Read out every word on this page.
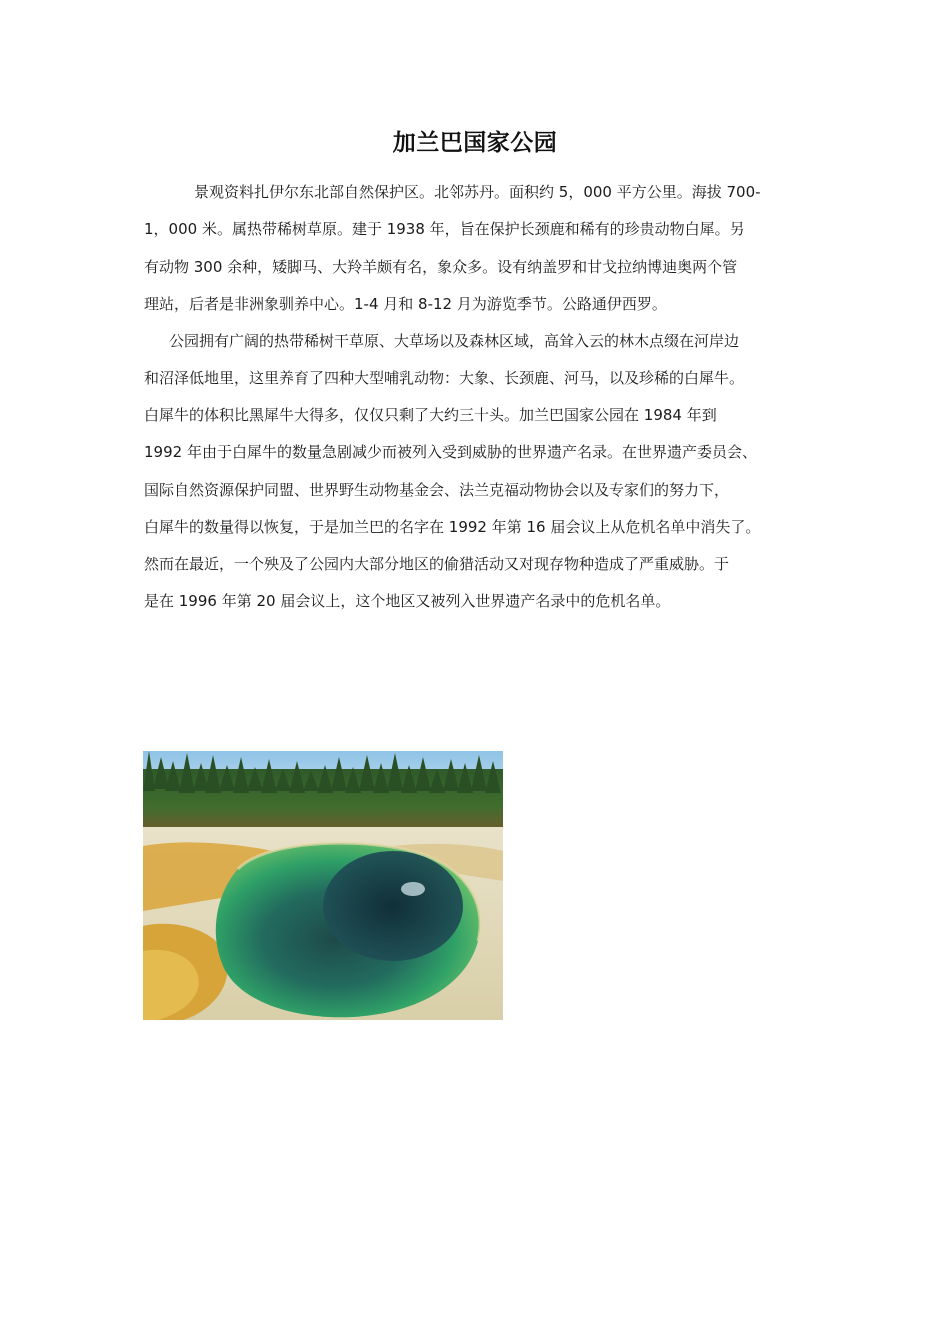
加兰巴国家公园
景观资料扎伊尔东北部自然保护区。北邻苏丹。面积约 5，000 平方公里。海拔 700-
1，000 米。属热带稀树草原。建于 1938 年，旨在保护长颈鹿和稀有的珍贵动物白犀。另
有动物 300 余种，矮脚马、大羚羊颇有名，象众多。设有纳盖罗和甘戈拉纳博迪奥两个管
理站，后者是非洲象驯养中心。1-4 月和 8-12 月为游览季节。公路通伊西罗。
公园拥有广阔的热带稀树干草原、大草场以及森林区域，高耸入云的林木点缀在河岸边
和沼泽低地里，这里养育了四种大型哺乳动物：大象、长颈鹿、河马，以及珍稀的白犀牛。
白犀牛的体积比黑犀牛大得多，仅仅只剩了大约三十头。加兰巴国家公园在 1984 年到
1992 年由于白犀牛的数量急剧减少而被列入受到威胁的世界遗产名录。在世界遗产委员会、
国际自然资源保护同盟、世界野生动物基金会、法兰克福动物协会以及专家们的努力下，
白犀牛的数量得以恢复，于是加兰巴的名字在 1992 年第 16 届会议上从危机名单中消失了。
然而在最近，一个殃及了公园内大部分地区的偷猎活动又对现存物种造成了严重威胁。于
是在 1996 年第 20 届会议上，这个地区又被列入世界遗产名录中的危机名单。
